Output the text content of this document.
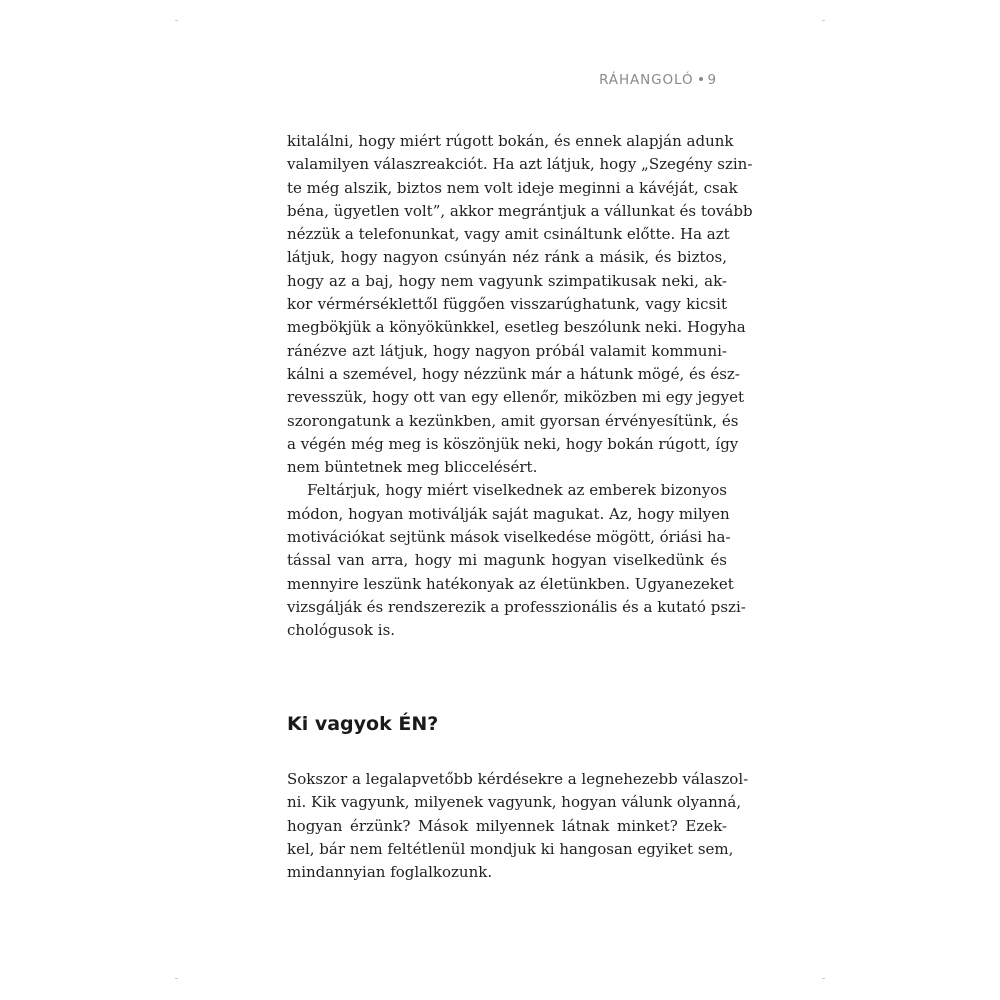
RÁHANGOLÓ 9
kitalálni, hogy miért rúgott bokán, és ennek alapján adunk
valamilyen válaszreakciót. Ha azt látjuk, hogy „Szegény szin-
te még alszik, biztos nem volt ideje meginni a kávéját, csak
béna, ügyetlen volt”, akkor megrántjuk a vállunkat és tovább
nézzük a telefonunkat, vagy amit csináltunk előtte. Ha azt
látjuk, hogy nagyon csúnyán néz ránk a másik, és biztos,
hogy az a baj, hogy nem vagyunk szimpatikusak neki, ak-
kor vérmérséklettől függően visszarúghatunk, vagy kicsit
megbökjük a könyökünkkel, esetleg beszólunk neki. Hogyha
ránézve azt látjuk, hogy nagyon próbál valamit kommuni-
kálni a szemével, hogy nézzünk már a hátunk mögé, és ész-
revesszük, hogy ott van egy ellenőr, miközben mi egy jegyet
szorongatunk a kezünkben, amit gyorsan érvényesítünk, és
a végén még meg is köszönjük neki, hogy bokán rúgott, így
nem büntetnek meg bliccelésért.
Feltárjuk, hogy miért viselkednek az emberek bizonyos
módon, hogyan motiválják saját magukat. Az, hogy milyen
motivációkat sejtünk mások viselkedése mögött, óriási ha-
tással van arra, hogy mi magunk hogyan viselkedünk és
mennyire leszünk hatékonyak az életünkben. Ugyanezeket
vizsgálják és rendszerezik a professzionális és a kutató pszi-
chológusok is.
Ki vagyok ÉN?
Sokszor a legalapvetőbb kérdésekre a legnehezebb válaszol-
ni. Kik vagyunk, milyenek vagyunk, hogyan válunk olyanná,
hogyan érzünk? Mások milyennek látnak minket? Ezek-
kel, bár nem feltétlenül mondjuk ki hangosan egyiket sem,
mindannyian foglalkozunk.
